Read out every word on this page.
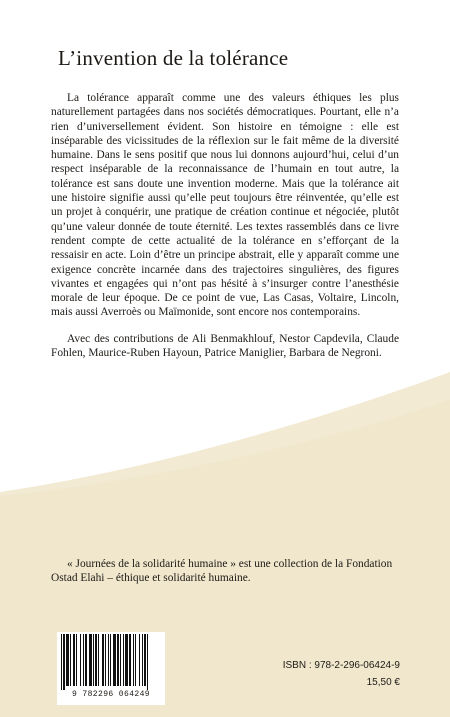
L’invention de la tolérance

La tolérance apparaît comme une des valeurs éthiques les plus naturellement partagées dans nos sociétés démocratiques. Pourtant, elle n’a rien d’universellement évident. Son histoire en témoigne : elle est inséparable des vicissitudes de la réflexion sur le fait même de la diversité humaine. Dans le sens positif que nous lui donnons aujourd’hui, celui d’un respect inséparable de la reconnaissance de l’humain en tout autre, la tolérance est sans doute une invention moderne. Mais que la tolérance ait une histoire signifie aussi qu’elle peut toujours être réinventée, qu’elle est un projet à conquérir, une pratique de création continue et négociée, plutôt qu’une valeur donnée de toute éternité. Les textes rassemblés dans ce livre rendent compte de cette actualité de la tolérance en s’efforçant de la ressaisir en acte. Loin d’être un principe abstrait, elle y apparaît comme une exigence concrète incarnée dans des trajectoires singulières, des figures vivantes et engagées qui n’ont pas hésité à s’insurger contre l’anesthésie morale de leur époque. De ce point de vue, Las Casas, Voltaire, Lincoln, mais aussi Averroès ou Maïmonide, sont encore nos contemporains.

Avec des contributions de Ali Benmakhlouf, Nestor Capdevila, Claude Fohlen, Maurice-Ruben Hayoun, Patrice Maniglier, Barbara de Negroni.

« Journées de la solidarité humaine » est une collection de la Fondation Ostad Elahi – éthique et solidarité humaine.

9 782296 064249
ISBN : 978-2-296-06424-9
15,50 €
